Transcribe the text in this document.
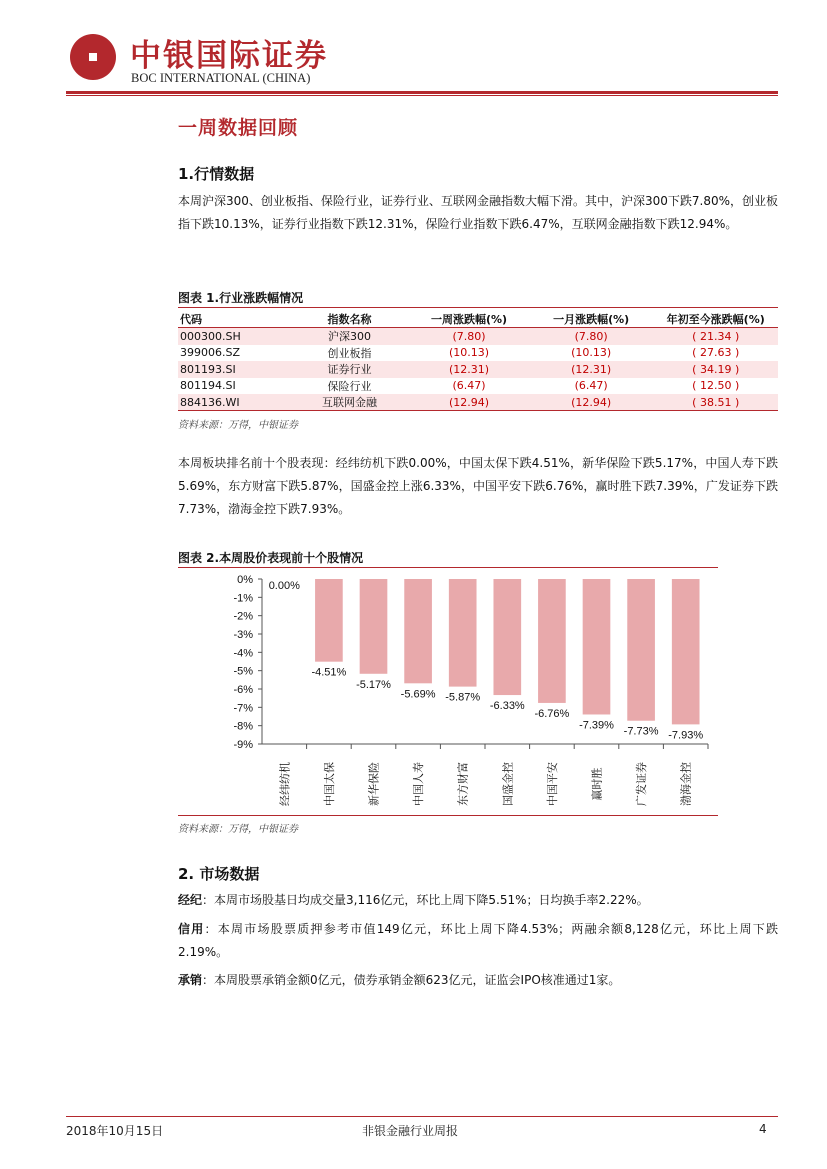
中银国际证券
BOC INTERNATIONAL (CHINA)
一周数据回顾
1.行情数据
本周沪深300、创业板指、保险行业，证券行业、互联网金融指数大幅下滑。其中，沪深300下跌7.80%，创业板指下跌10.13%，证券行业指数下跌12.31%，保险行业指数下跌6.47%，互联网金融指数下跌12.94%。
图表 1.行业涨跌幅情况
代码	指数名称	一周涨跌幅(%)	一月涨跌幅(%)	年初至今涨跌幅(%)
000300.SH	沪深300	(7.80)	(7.80)	( 21.34 )
399006.SZ	创业板指	(10.13)	(10.13)	( 27.63 )
801193.SI	证券行业	(12.31)	(12.31)	( 34.19 )
801194.SI	保险行业	(6.47)	(6.47)	( 12.50 )
884136.WI	互联网金融	(12.94)	(12.94)	( 38.51 )
资料来源：万得，中银证券
本周板块排名前十个股表现：经纬纺机下跌0.00%，中国太保下跌4.51%，新华保险下跌5.17%，中国人寿下跌5.69%，东方财富下跌5.87%，国盛金控上涨6.33%，中国平安下跌6.76%，赢时胜下跌7.39%，广发证券下跌7.73%，渤海金控下跌7.93%。
图表 2.本周股价表现前十个股情况
0%
-1%
-2%
-3%
-4%
-5%
-6%
-7%
-8%
-9%
0.00%
经纬纺机
-4.51%
中国太保
-5.17%
新华保险
-5.69%
中国人寿
-5.87%
东方财富
-6.33%
国盛金控
-6.76%
中国平安
-7.39%
赢时胜
-7.73%
广发证券
-7.93%
渤海金控
资料来源：万得，中银证券
2. 市场数据
经纪：本周市场股基日均成交量3,116亿元，环比上周下降5.51%；日均换手率2.22%。
信用：本周市场股票质押参考市值149亿元，环比上周下降4.53%；两融余额8,128亿元，环比上周下跌2.19%。
承销：本周股票承销金额0亿元，债券承销金额623亿元，证监会IPO核准通过1家。
2018年10月15日	非银金融行业周报	4
